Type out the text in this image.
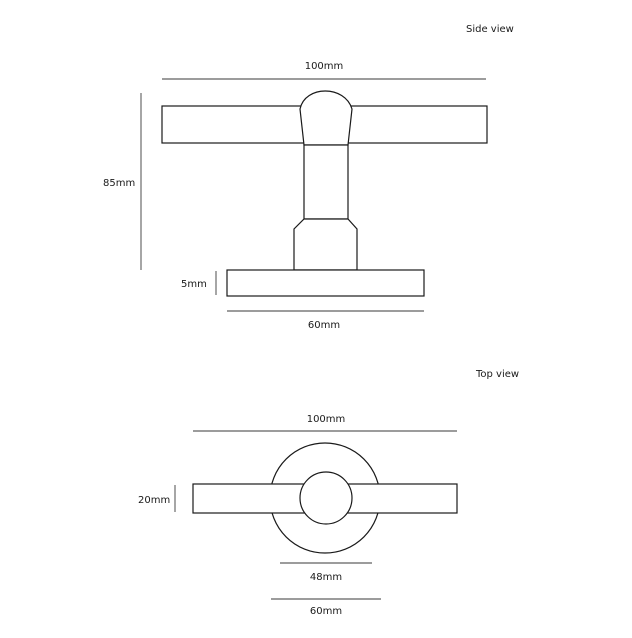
Side view
100mm
85mm
5mm
60mm
Top view
100mm
20mm
48mm
60mm
